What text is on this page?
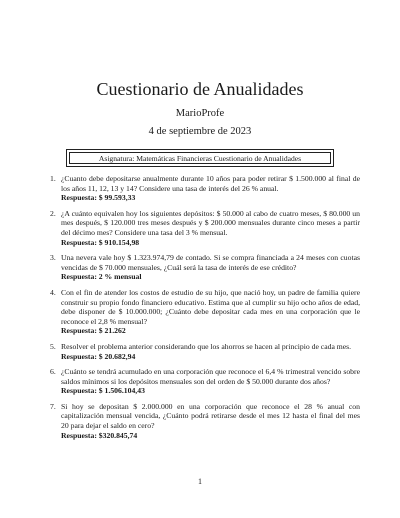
Cuestionario de Anualidades
MarioProfe
4 de septiembre de 2023
Asignatura: Matemáticas Financieras Cuestionario de Anualidades
1. ¿Cuanto debe depositarse anualmente durante 10 años para poder retirar $ 1.500.000 al final de los años 11, 12, 13 y 14? Considere una tasa de interés del 26 % anual.
Respuesta: $ 99.593,33
2. ¿A cuánto equivalen hoy los siguientes depósitos: $ 50.000 al cabo de cuatro meses, $ 80.000 un mes después, $ 120.000 tres meses después y $ 200.000 mensuales durante cinco meses a partir del décimo mes? Considere una tasa del 3 % mensual.
Respuesta: $ 910.154,98
3. Una nevera vale hoy $ 1.323.974,79 de contado. Si se compra financiada a 24 meses con cuotas vencidas de $ 70.000 mensuales, ¿Cuál será la tasa de interés de ese crédito?
Respuesta: 2 % mensual
4. Con el fin de atender los costos de estudio de su hijo, que nació hoy, un padre de familia quiere construir su propio fondo financiero educativo. Estima que al cumplir su hijo ocho años de edad, debe disponer de $ 10.000.000; ¿Cuánto debe depositar cada mes en una corporación que le reconoce el 2,8 % mensual?
Respuesta: $ 21.262
5. Resolver el problema anterior considerando que los ahorros se hacen al principio de cada mes.
Respuesta: $ 20.682,94
6. ¿Cuánto se tendrá acumulado en una corporación que reconoce el 6,4 % trimestral vencido sobre saldos mínimos si los depósitos mensuales son del orden de $ 50.000 durante dos años?
Respuesta: $ 1.506.104,43
7. Si hoy se depositan $ 2.000.000 en una corporación que reconoce el 28 % anual con capitalización mensual vencida, ¿Cuánto podrá retirarse desde el mes 12 hasta el final del mes 20 para dejar el saldo en cero?
Respuesta: $320.845,74
1
